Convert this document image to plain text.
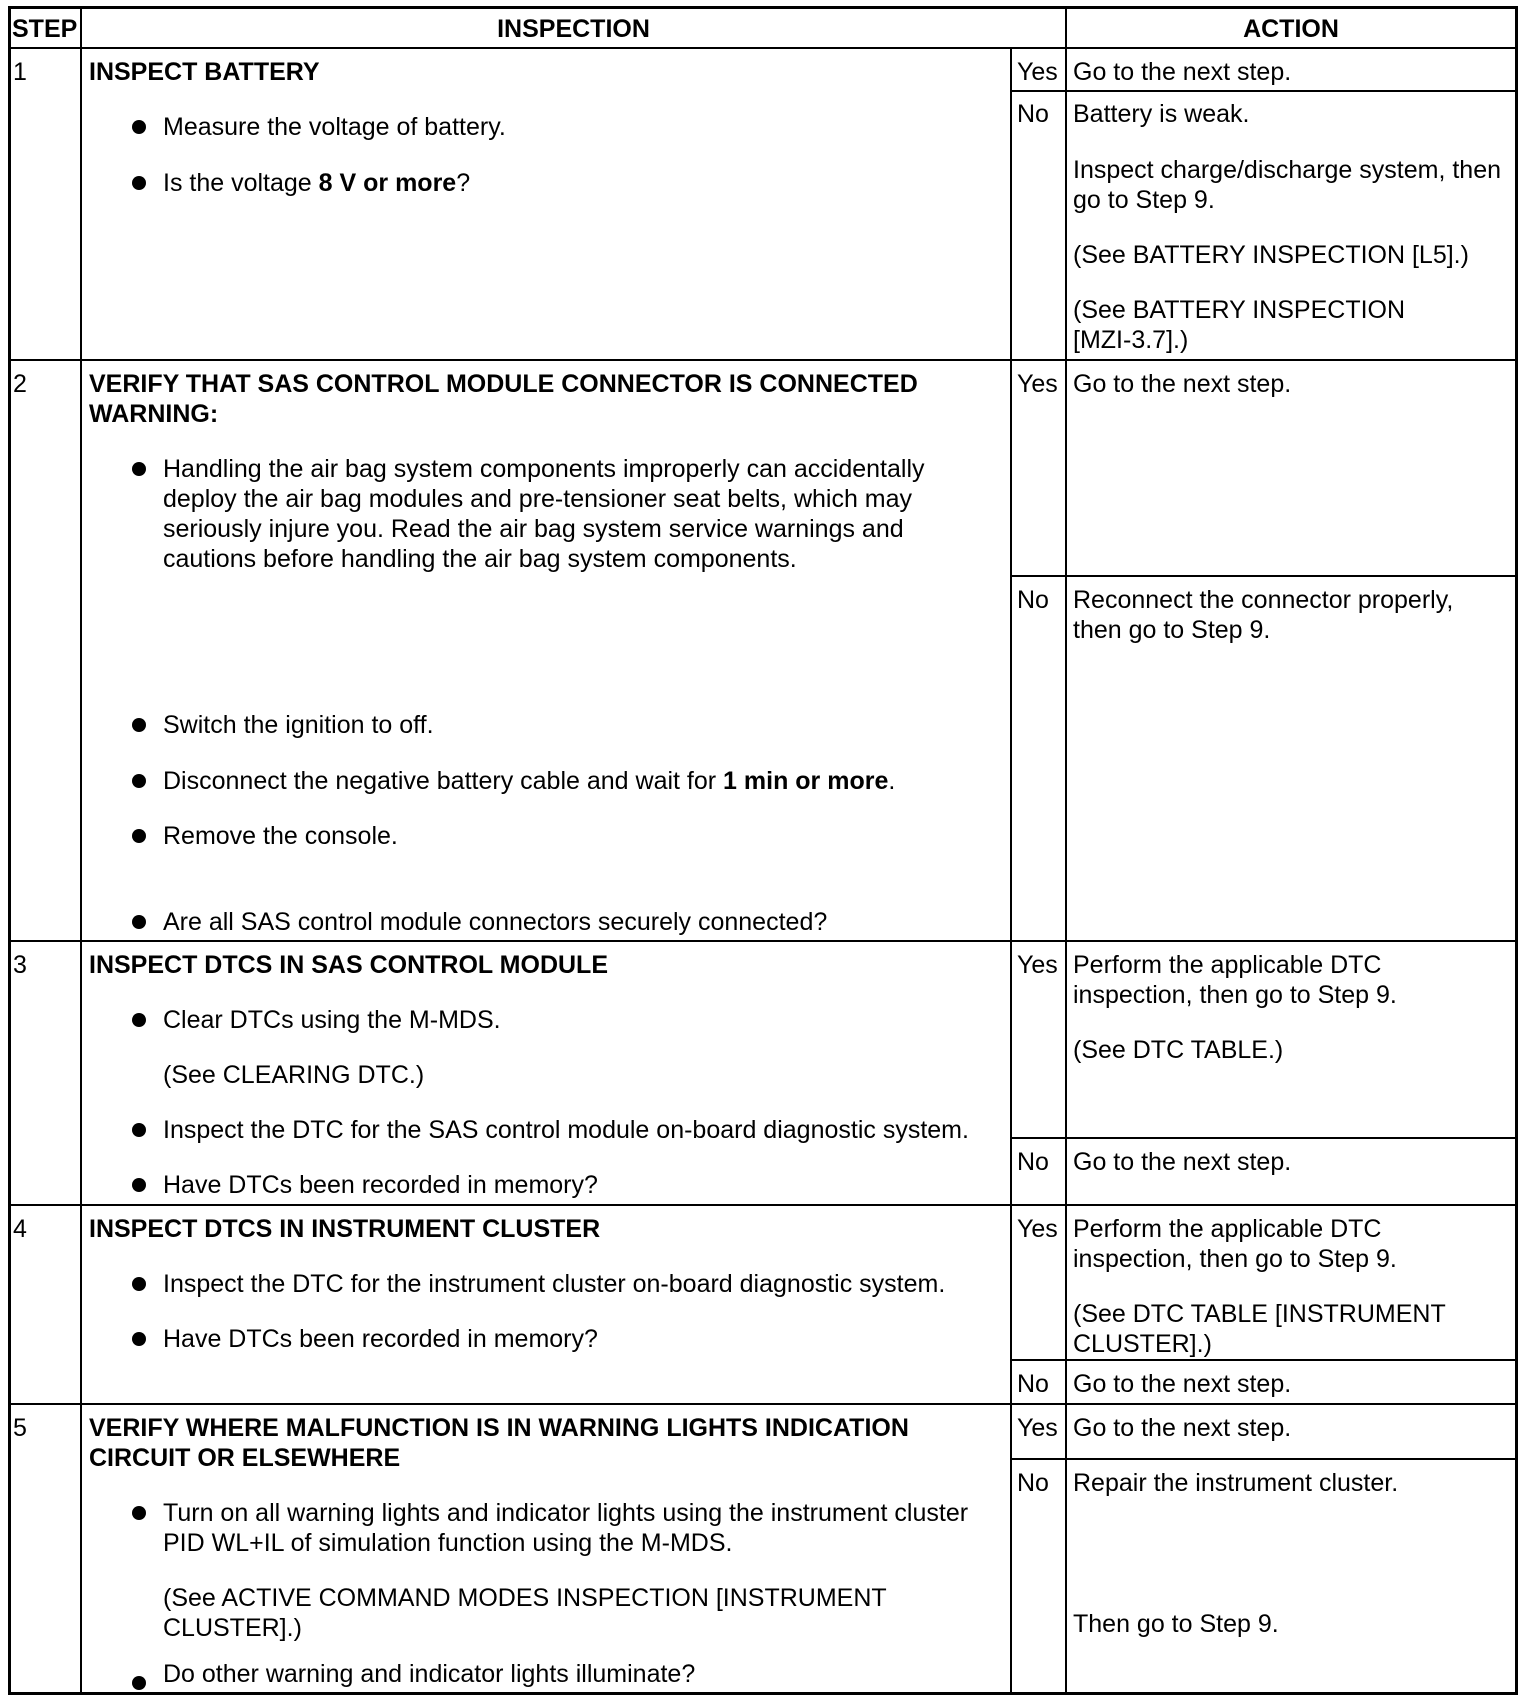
STEP	INSPECTION	ACTION
1 INSPECT BATTERY
Measure the voltage of battery.
Is the voltage 8 V or more?
Yes Go to the next step.
No Battery is weak.
Inspect charge/discharge system, then
go to Step 9.
(See BATTERY INSPECTION [L5].)
(See BATTERY INSPECTION
[MZI-3.7].)
2 VERIFY THAT SAS CONTROL MODULE CONNECTOR IS CONNECTED
WARNING:
Handling the air bag system components improperly can accidentally
deploy the air bag modules and pre-tensioner seat belts, which may
seriously injure you. Read the air bag system service warnings and
cautions before handling the air bag system components.
Switch the ignition to off.
Disconnect the negative battery cable and wait for 1 min or more.
Remove the console.
Are all SAS control module connectors securely connected?
Yes Go to the next step.
No Reconnect the connector properly,
then go to Step 9.
3 INSPECT DTCS IN SAS CONTROL MODULE
Clear DTCs using the M-MDS.
(See CLEARING DTC.)
Inspect the DTC for the SAS control module on-board diagnostic system.
Have DTCs been recorded in memory?
Yes Perform the applicable DTC
inspection, then go to Step 9.
(See DTC TABLE.)
No Go to the next step.
4 INSPECT DTCS IN INSTRUMENT CLUSTER
Inspect the DTC for the instrument cluster on-board diagnostic system.
Have DTCs been recorded in memory?
Yes Perform the applicable DTC
inspection, then go to Step 9.
(See DTC TABLE [INSTRUMENT
CLUSTER].)
No Go to the next step.
5 VERIFY WHERE MALFUNCTION IS IN WARNING LIGHTS INDICATION
CIRCUIT OR ELSEWHERE
Turn on all warning lights and indicator lights using the instrument cluster
PID WL+IL of simulation function using the M-MDS.
(See ACTIVE COMMAND MODES INSPECTION [INSTRUMENT
CLUSTER].)
Do other warning and indicator lights illuminate?
Yes Go to the next step.
No Repair the instrument cluster.
Then go to Step 9.
